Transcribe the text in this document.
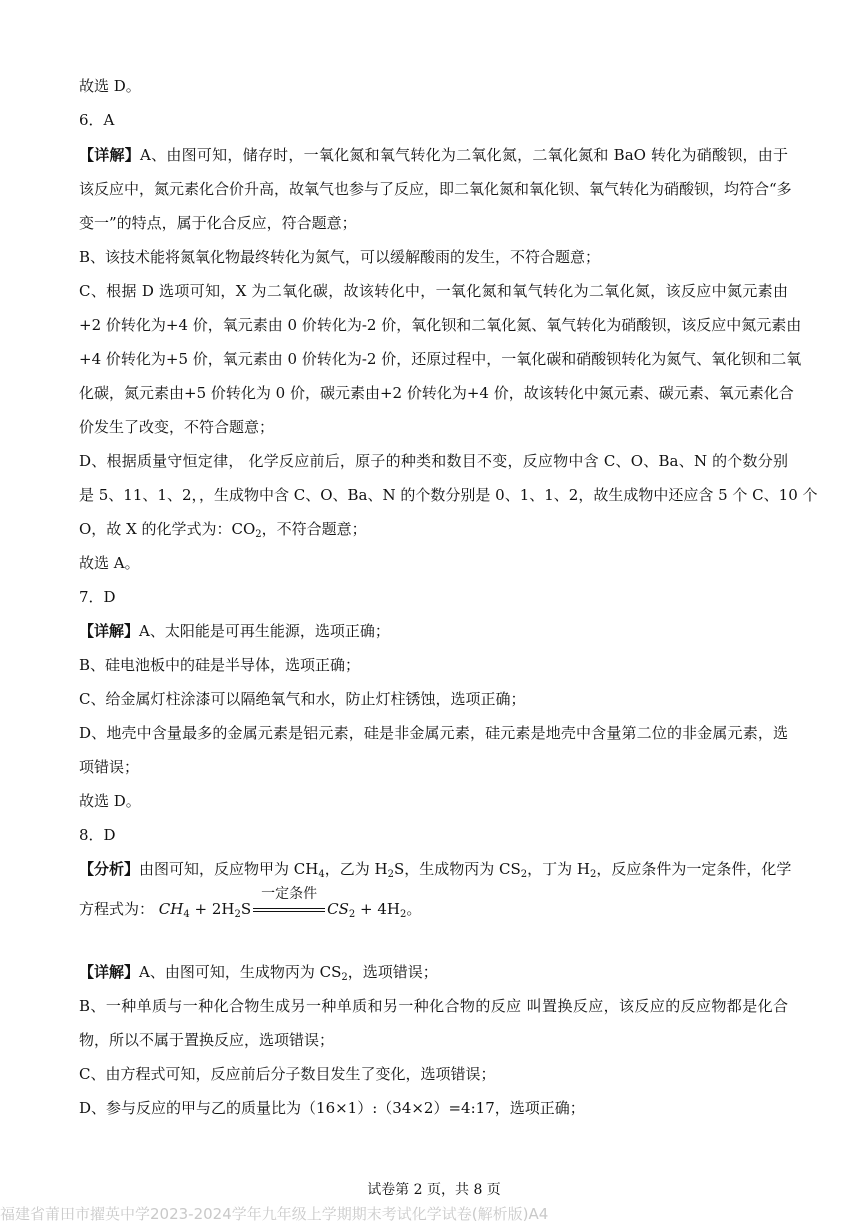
故选 D。
6．A
【详解】A、由图可知，储存时，一氧化氮和氧气转化为二氧化氮，二氧化氮和 BaO 转化为硝酸钡，由于
该反应中，氮元素化合价升高，故氧气也参与了反应，即二氧化氮和氧化钡、氧气转化为硝酸钡，均符合“多
变一”的特点，属于化合反应，符合题意；
B、该技术能将氮氧化物最终转化为氮气，可以缓解酸雨的发生，不符合题意；
C、根据 D 选项可知，X 为二氧化碳，故该转化中，一氧化氮和氧气转化为二氧化氮，该反应中氮元素由
+2 价转化为+4 价，氧元素由 0 价转化为-2 价，氧化钡和二氧化氮、氧气转化为硝酸钡，该反应中氮元素由
+4 价转化为+5 价，氧元素由 0 价转化为-2 价，还原过程中，一氧化碳和硝酸钡转化为氮气、氧化钡和二氧
化碳，氮元素由+5 价转化为 0 价，碳元素由+2 价转化为+4 价，故该转化中氮元素、碳元素、氧元素化合
价发生了改变，不符合题意；
D、根据质量守恒定律， 化学反应前后，原子的种类和数目不变，反应物中含 C、O、Ba、N 的个数分别
是 5、11、1、2，，生成物中含 C、O、Ba、N 的个数分别是 0、1、1、2，故生成物中还应含 5 个 C、10 个
O，故 X 的化学式为：$CO_2$，不符合题意；
故选 A。
7．D
【详解】A、太阳能是可再生能源，选项正确；
B、硅电池板中的硅是半导体，选项正确；
C、给金属灯柱涂漆可以隔绝氧气和水，防止灯柱锈蚀，选项正确；
D、地壳中含量最多的金属元素是铝元素，硅是非金属元素，硅元素是地壳中含量第二位的非金属元素，选
项错误；
故选 D。
8．D
【分析】由图可知，反应物甲为 $CH_4$，乙为 $H_2S$，生成物丙为 $CS_2$，丁为 $H_2$，反应条件为一定条件，化学
方程式为： $CH_4 + 2H_2S$
一定条件
$CS_2 + 4H_2$。
【详解】A、由图可知，生成物丙为 $CS_2$，选项错误；
B、一种单质与一种化合物生成另一种单质和另一种化合物的反应 叫置换反应，该反应的反应物都是化合
物，所以不属于置换反应，选项错误；
C、由方程式可知，反应前后分子数目发生了变化，选项错误；
D、参与反应的甲与乙的质量比为（16×1）:（34×2）=4:17，选项正确；
试卷第 2 页，共 8 页
福建省莆田市擢英中学2023-2024学年九年级上学期期末考试化学试卷(解析版)A4
